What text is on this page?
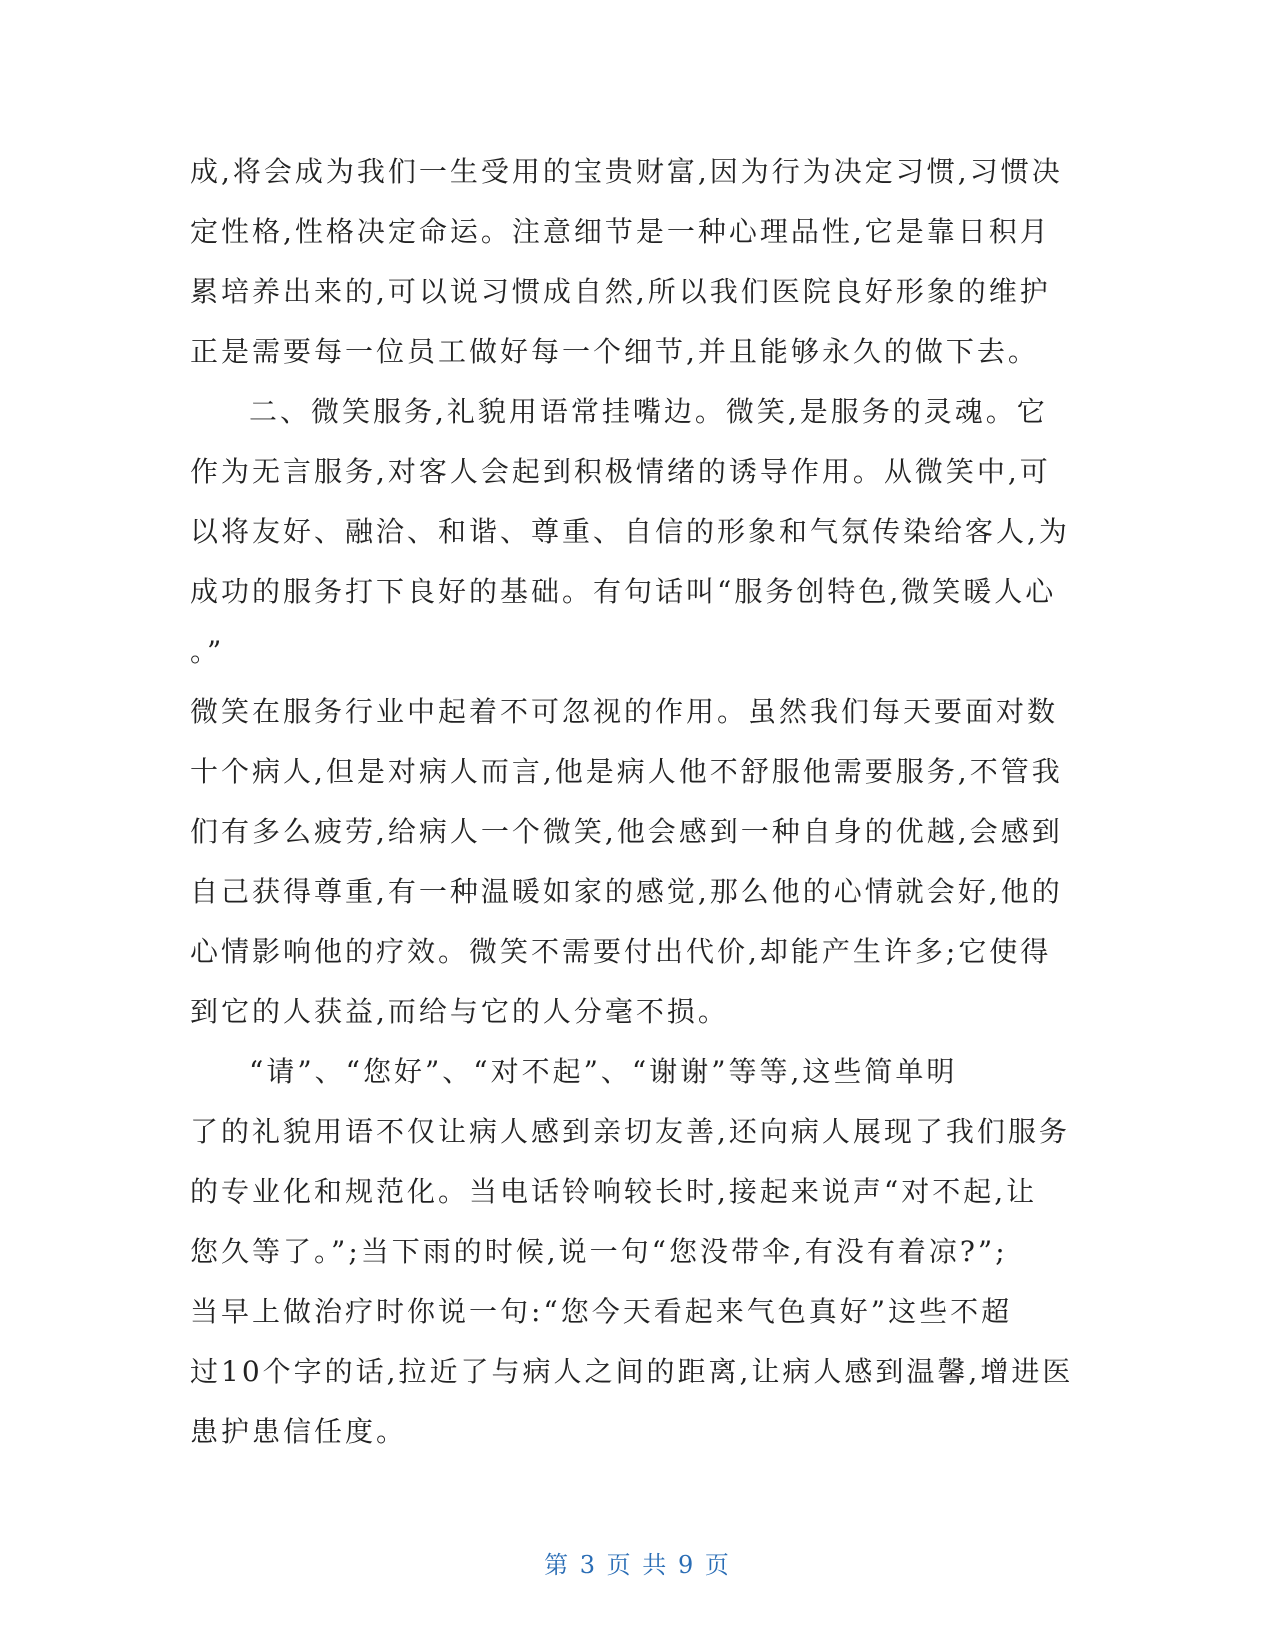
成,将会成为我们一生受用的宝贵财富,因为行为决定习惯,习惯决
定性格,性格决定命运。注意细节是一种心理品性,它是靠日积月
累培养出来的,可以说习惯成自然,所以我们医院良好形象的维护
正是需要每一位员工做好每一个细节,并且能够永久的做下去。
二、微笑服务,礼貌用语常挂嘴边。微笑,是服务的灵魂。它
作为无言服务,对客人会起到积极情绪的诱导作用。从微笑中,可
以将友好、融洽、和谐、尊重、自信的形象和气氛传染给客人,为
成功的服务打下良好的基础。有句话叫“服务创特色,微笑暖人心
。”
微笑在服务行业中起着不可忽视的作用。虽然我们每天要面对数
十个病人,但是对病人而言,他是病人他不舒服他需要服务,不管我
们有多么疲劳,给病人一个微笑,他会感到一种自身的优越,会感到
自己获得尊重,有一种温暖如家的感觉,那么他的心情就会好,他的
心情影响他的疗效。微笑不需要付出代价,却能产生许多;它使得
到它的人获益,而给与它的人分毫不损。
“请”、“您好”、“对不起”、“谢谢”等等,这些简单明
了的礼貌用语不仅让病人感到亲切友善,还向病人展现了我们服务
的专业化和规范化。当电话铃响较长时,接起来说声“对不起,让
您久等了。”;当下雨的时候,说一句“您没带伞,有没有着凉?”;
当早上做治疗时你说一句:“您今天看起来气色真好”这些不超
过10个字的话,拉近了与病人之间的距离,让病人感到温馨,增进医
患护患信任度。
第 3 页 共 9 页
